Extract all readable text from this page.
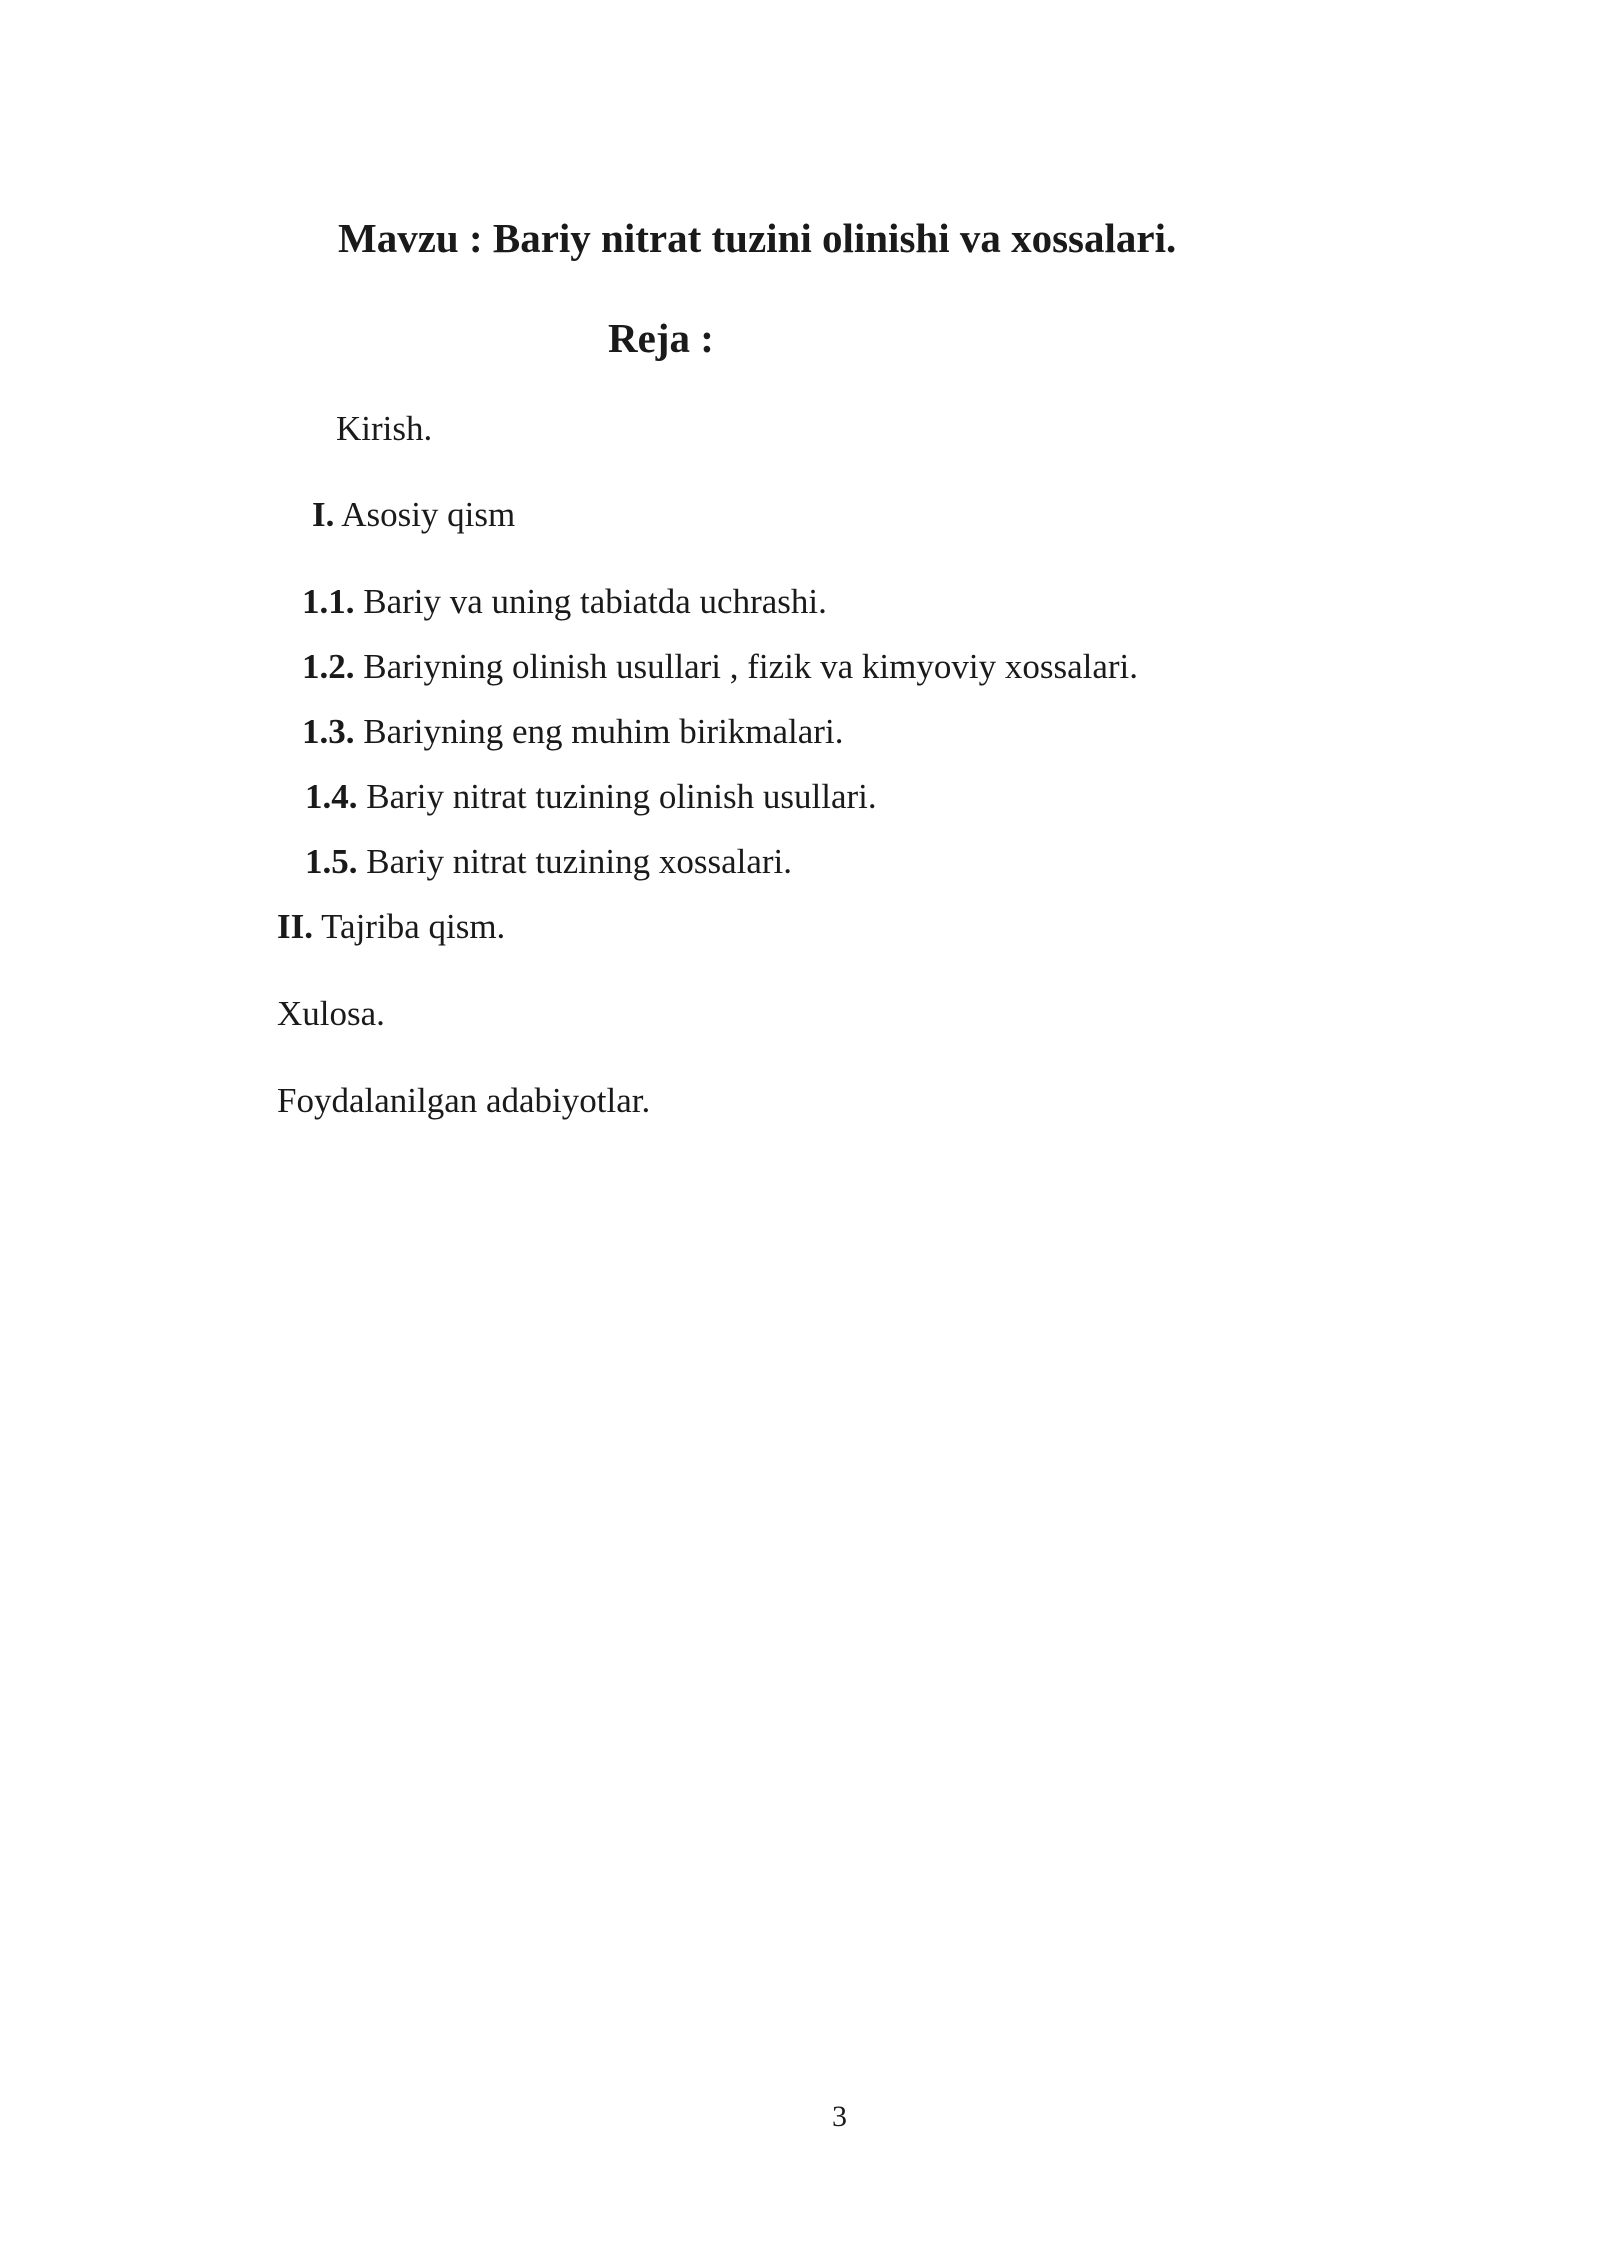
Mavzu : Bariy nitrat tuzini olinishi va xossalari.
Reja :
Kirish.
I. Asosiy qism
1.1. Bariy va uning tabiatda uchrashi.
1.2. Bariyning olinish usullari , fizik va kimyoviy xossalari.
1.3. Bariyning eng muhim birikmalari.
1.4. Bariy nitrat tuzining olinish usullari.
1.5. Bariy nitrat tuzining xossalari.
II. Tajriba qism.
Xulosa.
Foydalanilgan adabiyotlar.
3
